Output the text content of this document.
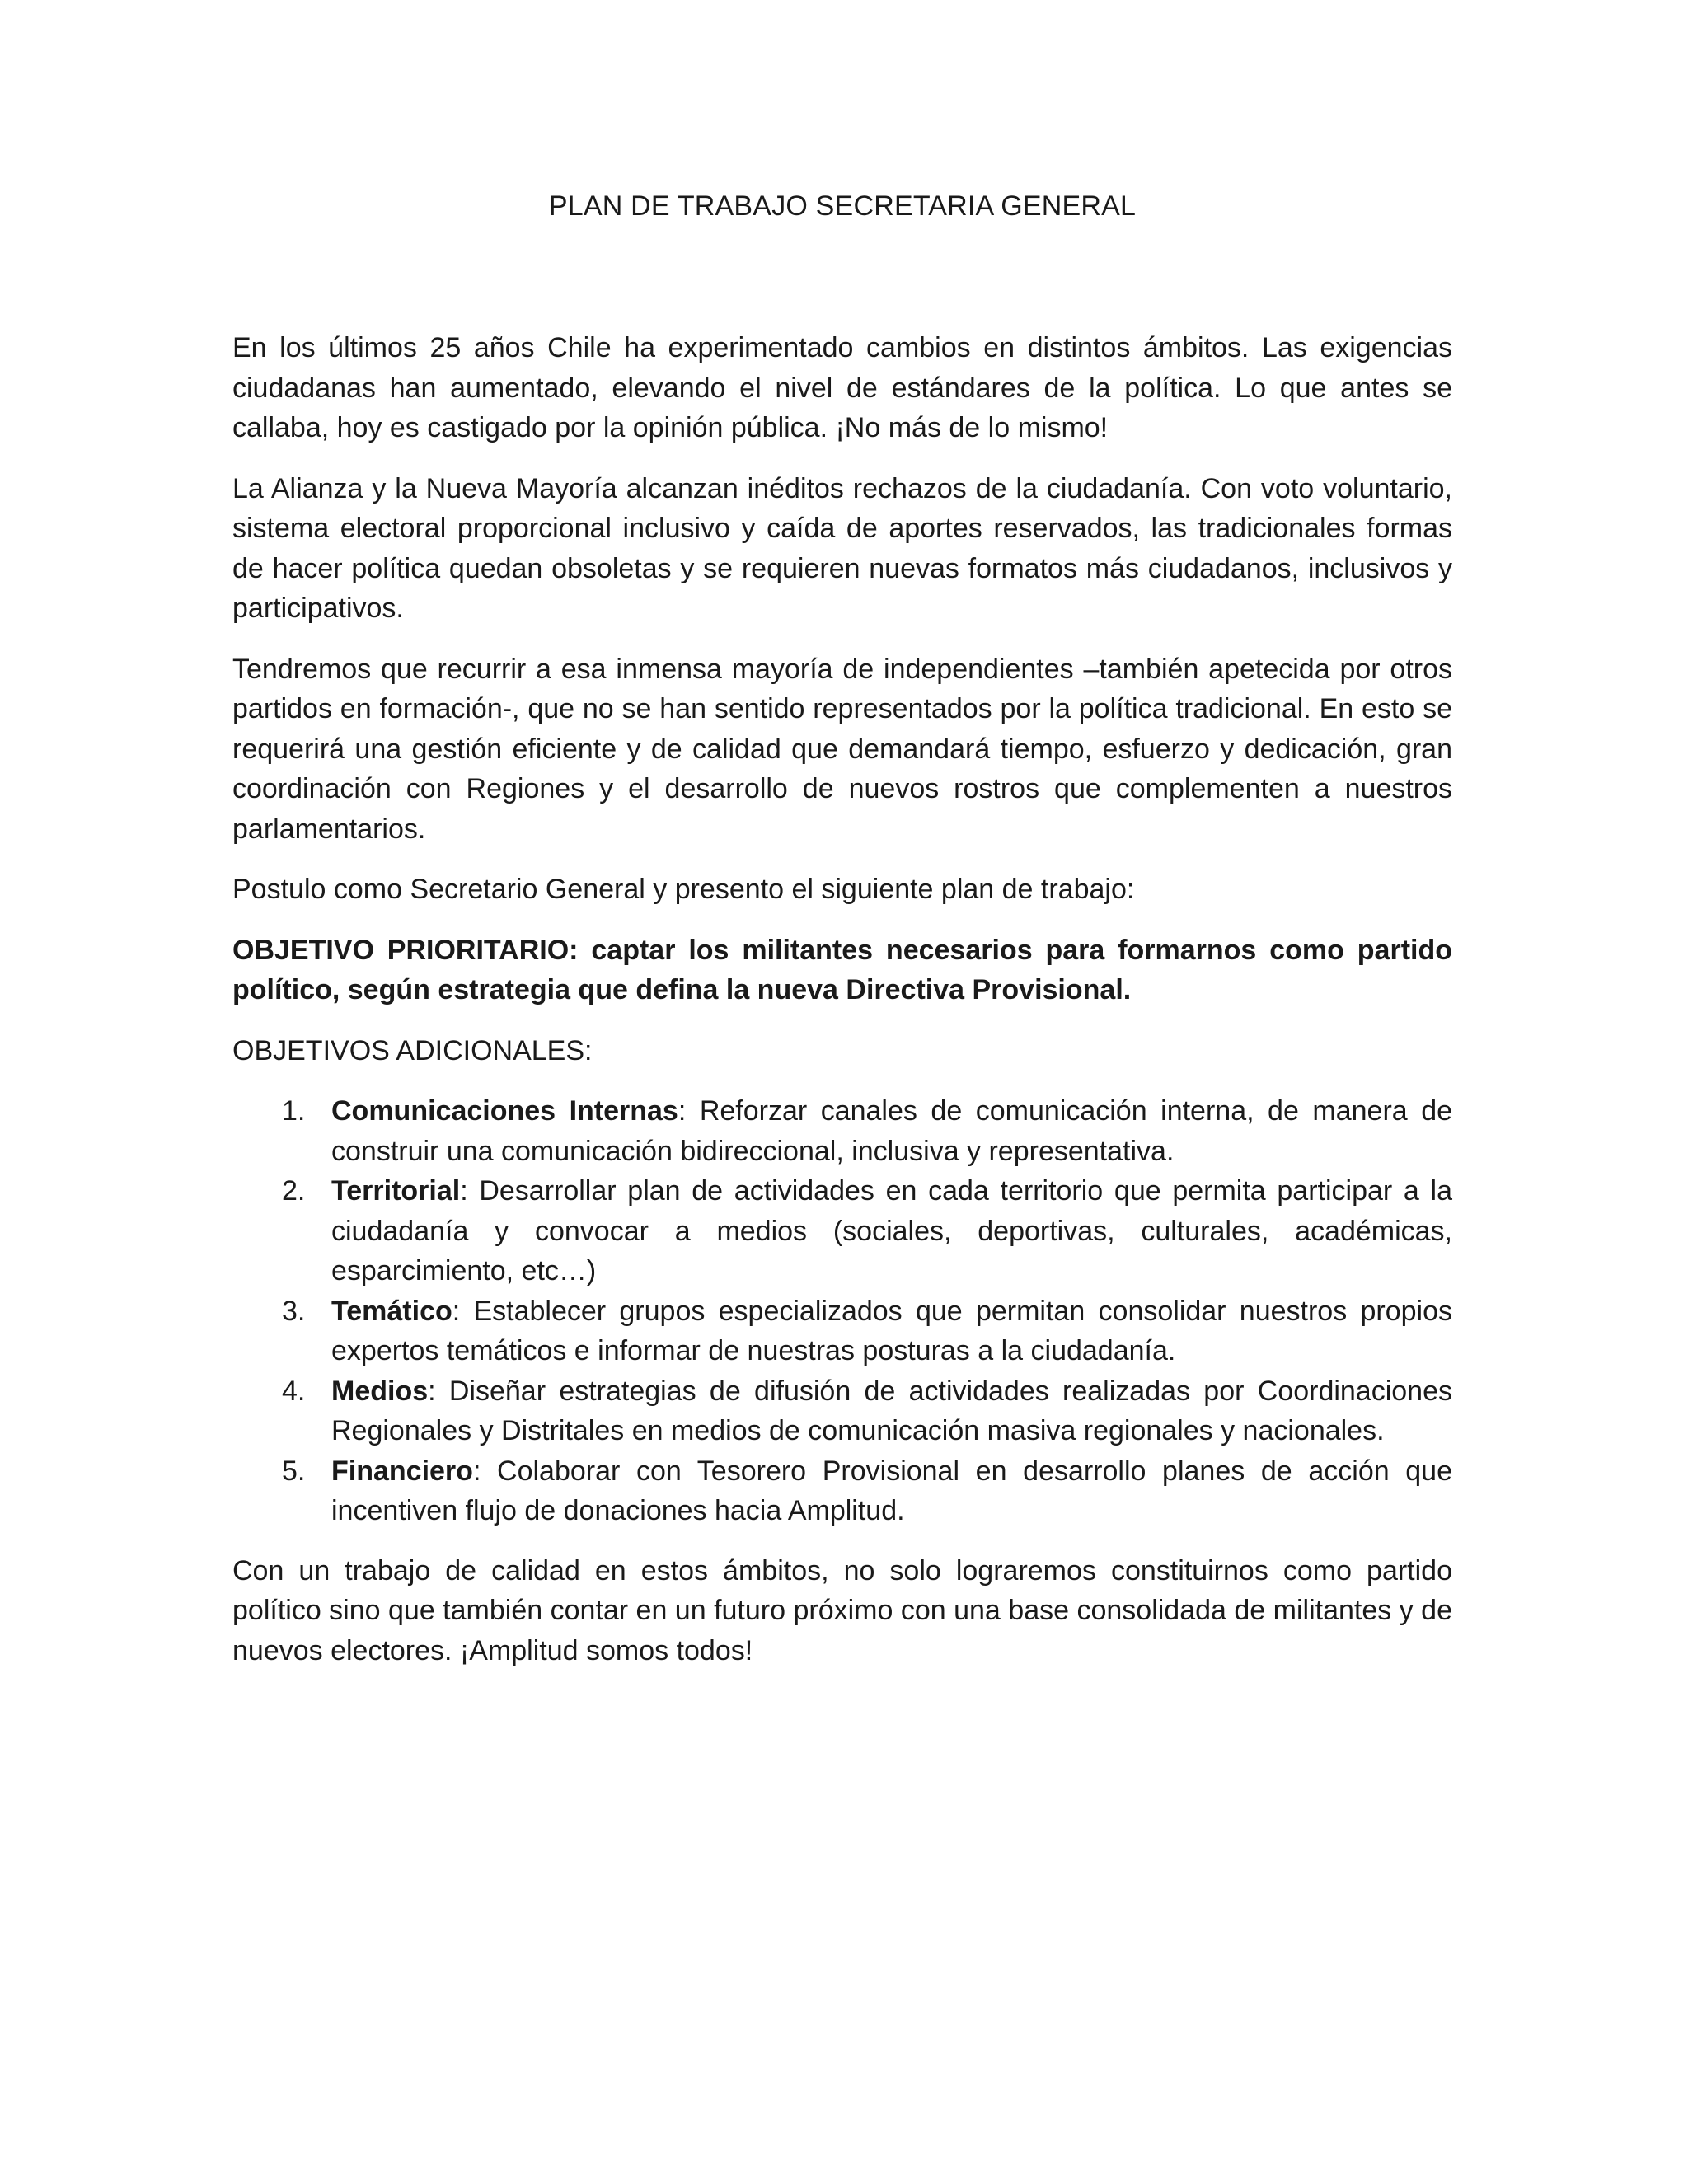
PLAN DE TRABAJO SECRETARIA GENERAL

En los últimos 25 años Chile ha experimentado cambios en distintos ámbitos. Las exigencias ciudadanas han aumentado, elevando el nivel de estándares de la política. Lo que antes se callaba, hoy es castigado por la opinión pública. ¡No más de lo mismo!

La Alianza y la Nueva Mayoría alcanzan inéditos rechazos de la ciudadanía. Con voto voluntario, sistema electoral proporcional inclusivo y caída de aportes reservados, las tradicionales formas de hacer política quedan obsoletas y se requieren nuevas formatos más ciudadanos, inclusivos y participativos.

Tendremos que recurrir a esa inmensa mayoría de independientes –también apetecida por otros partidos en formación-, que no se han sentido representados por la política tradicional. En esto se requerirá una gestión eficiente y de calidad que demandará tiempo, esfuerzo y dedicación, gran coordinación con Regiones y el desarrollo de nuevos rostros que complementen a nuestros parlamentarios.

Postulo como Secretario General y presento el siguiente plan de trabajo:

OBJETIVO PRIORITARIO: captar los militantes necesarios para formarnos como partido político, según estrategia que defina la nueva Directiva Provisional.

OBJETIVOS ADICIONALES:

1. Comunicaciones Internas: Reforzar canales de comunicación interna, de manera de construir una comunicación bidireccional, inclusiva y representativa.
2. Territorial: Desarrollar plan de actividades en cada territorio que permita participar a la ciudadanía y convocar a medios (sociales, deportivas, culturales, académicas, esparcimiento, etc…)
3. Temático: Establecer grupos especializados que permitan consolidar nuestros propios expertos temáticos e informar de nuestras posturas a la ciudadanía.
4. Medios: Diseñar estrategias de difusión de actividades realizadas por Coordinaciones Regionales y Distritales en medios de comunicación masiva regionales y nacionales.
5. Financiero: Colaborar con Tesorero Provisional en desarrollo planes de acción que incentiven flujo de donaciones hacia Amplitud.

Con un trabajo de calidad en estos ámbitos, no solo lograremos constituirnos como partido político sino que también contar en un futuro próximo con una base consolidada de militantes y de nuevos electores. ¡Amplitud somos todos!
